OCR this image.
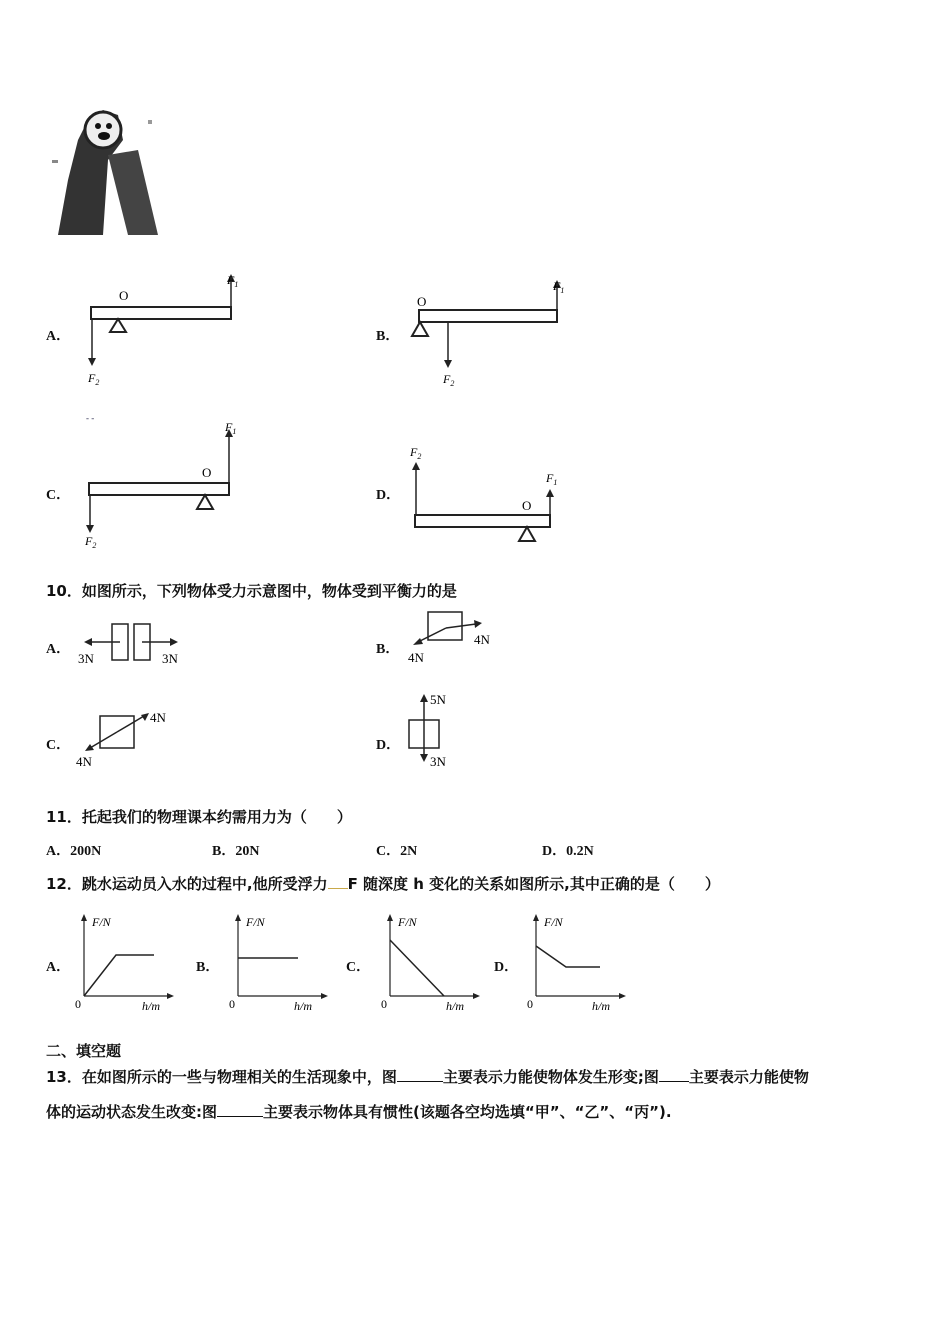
A．
O
$F_1$
$F_2$
B．
O
$F_1$
$F_2$
C．
- -
O
$F_1$
$F_2$
D．
O
$F_2$
$F_1$
10．如图所示，下列物体受力示意图中，物体受到平衡力的是
A．
3N	3N
B．
4N
4N
C．
4N
4N
D．
5N
3N
11．托起我们的物理课本约需用力为（　　）
A．200N	B．20N	C．2N	D．0.2N
12．跳水运动员入水的过程中,他所受浮力 F 随深度 h 变化的关系如图所示,其中正确的是（　　）
A．
F/N
h/m
0
B．
F/N
h/m
0
C．
F/N
h/m
0
D．
F/N
h/m
0
二、填空题
13．在如图所示的一些与物理相关的生活现象中，图	主要表示力能使物体发生形变;图 主要表示力能使物
体的运动状态发生改变:图	主要表示物体具有惯性(该题各空均选填“甲”、“乙”、“丙”).
